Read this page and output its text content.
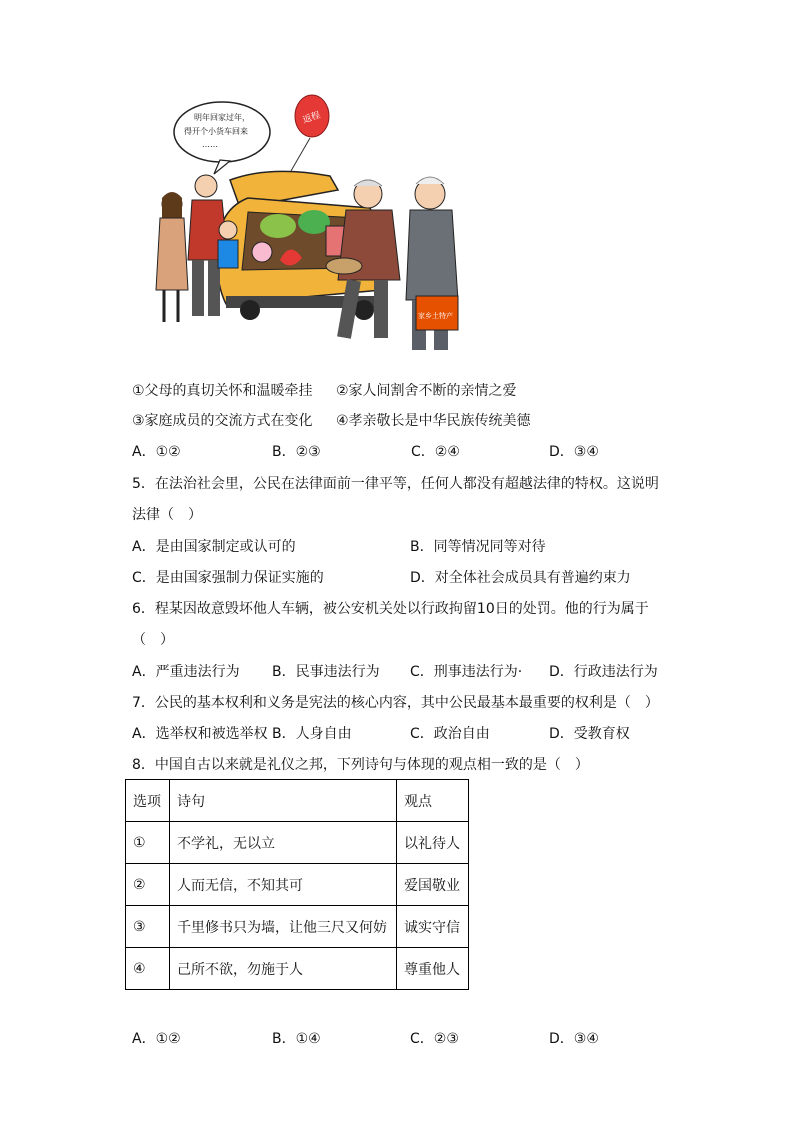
明年回家过年，
得开个小货车回来
……
返程
家乡土特产
①父母的真切关怀和温暖牵挂 ②家人间割舍不断的亲情之爱
③家庭成员的交流方式在变化 ④孝亲敬长是中华民族传统美德
A．①②	B．②③	C．②④	D．③④
5．在法治社会里，公民在法律面前一律平等，任何人都没有超越法律的特权。这说明
法律（　）
A．是由国家制定或认可的	B．同等情况同等对待
C．是由国家强制力保证实施的	D．对全体社会成员具有普遍约束力
6．程某因故意毁坏他人车辆，被公安机关处以行政拘留10日的处罚。他的行为属于
（　）
A．严重违法行为 B．民事违法行为 C．刑事违法行为· D．行政违法行为
7．公民的基本权利和义务是宪法的核心内容，其中公民最基本最重要的权利是（　）
A．选举权和被选举权 B．人身自由	C．政治自由	D．受教育权
8．中国自古以来就是礼仪之邦，下列诗句与体现的观点相一致的是（　）
选项	诗句	观点
①	不学礼，无以立	以礼待人
②	人而无信，不知其可	爱国敬业
③	千里修书只为墙，让他三尺又何妨	诚实守信
④	己所不欲，勿施于人	尊重他人
A．①②	B．①④	C．②③	D．③④
